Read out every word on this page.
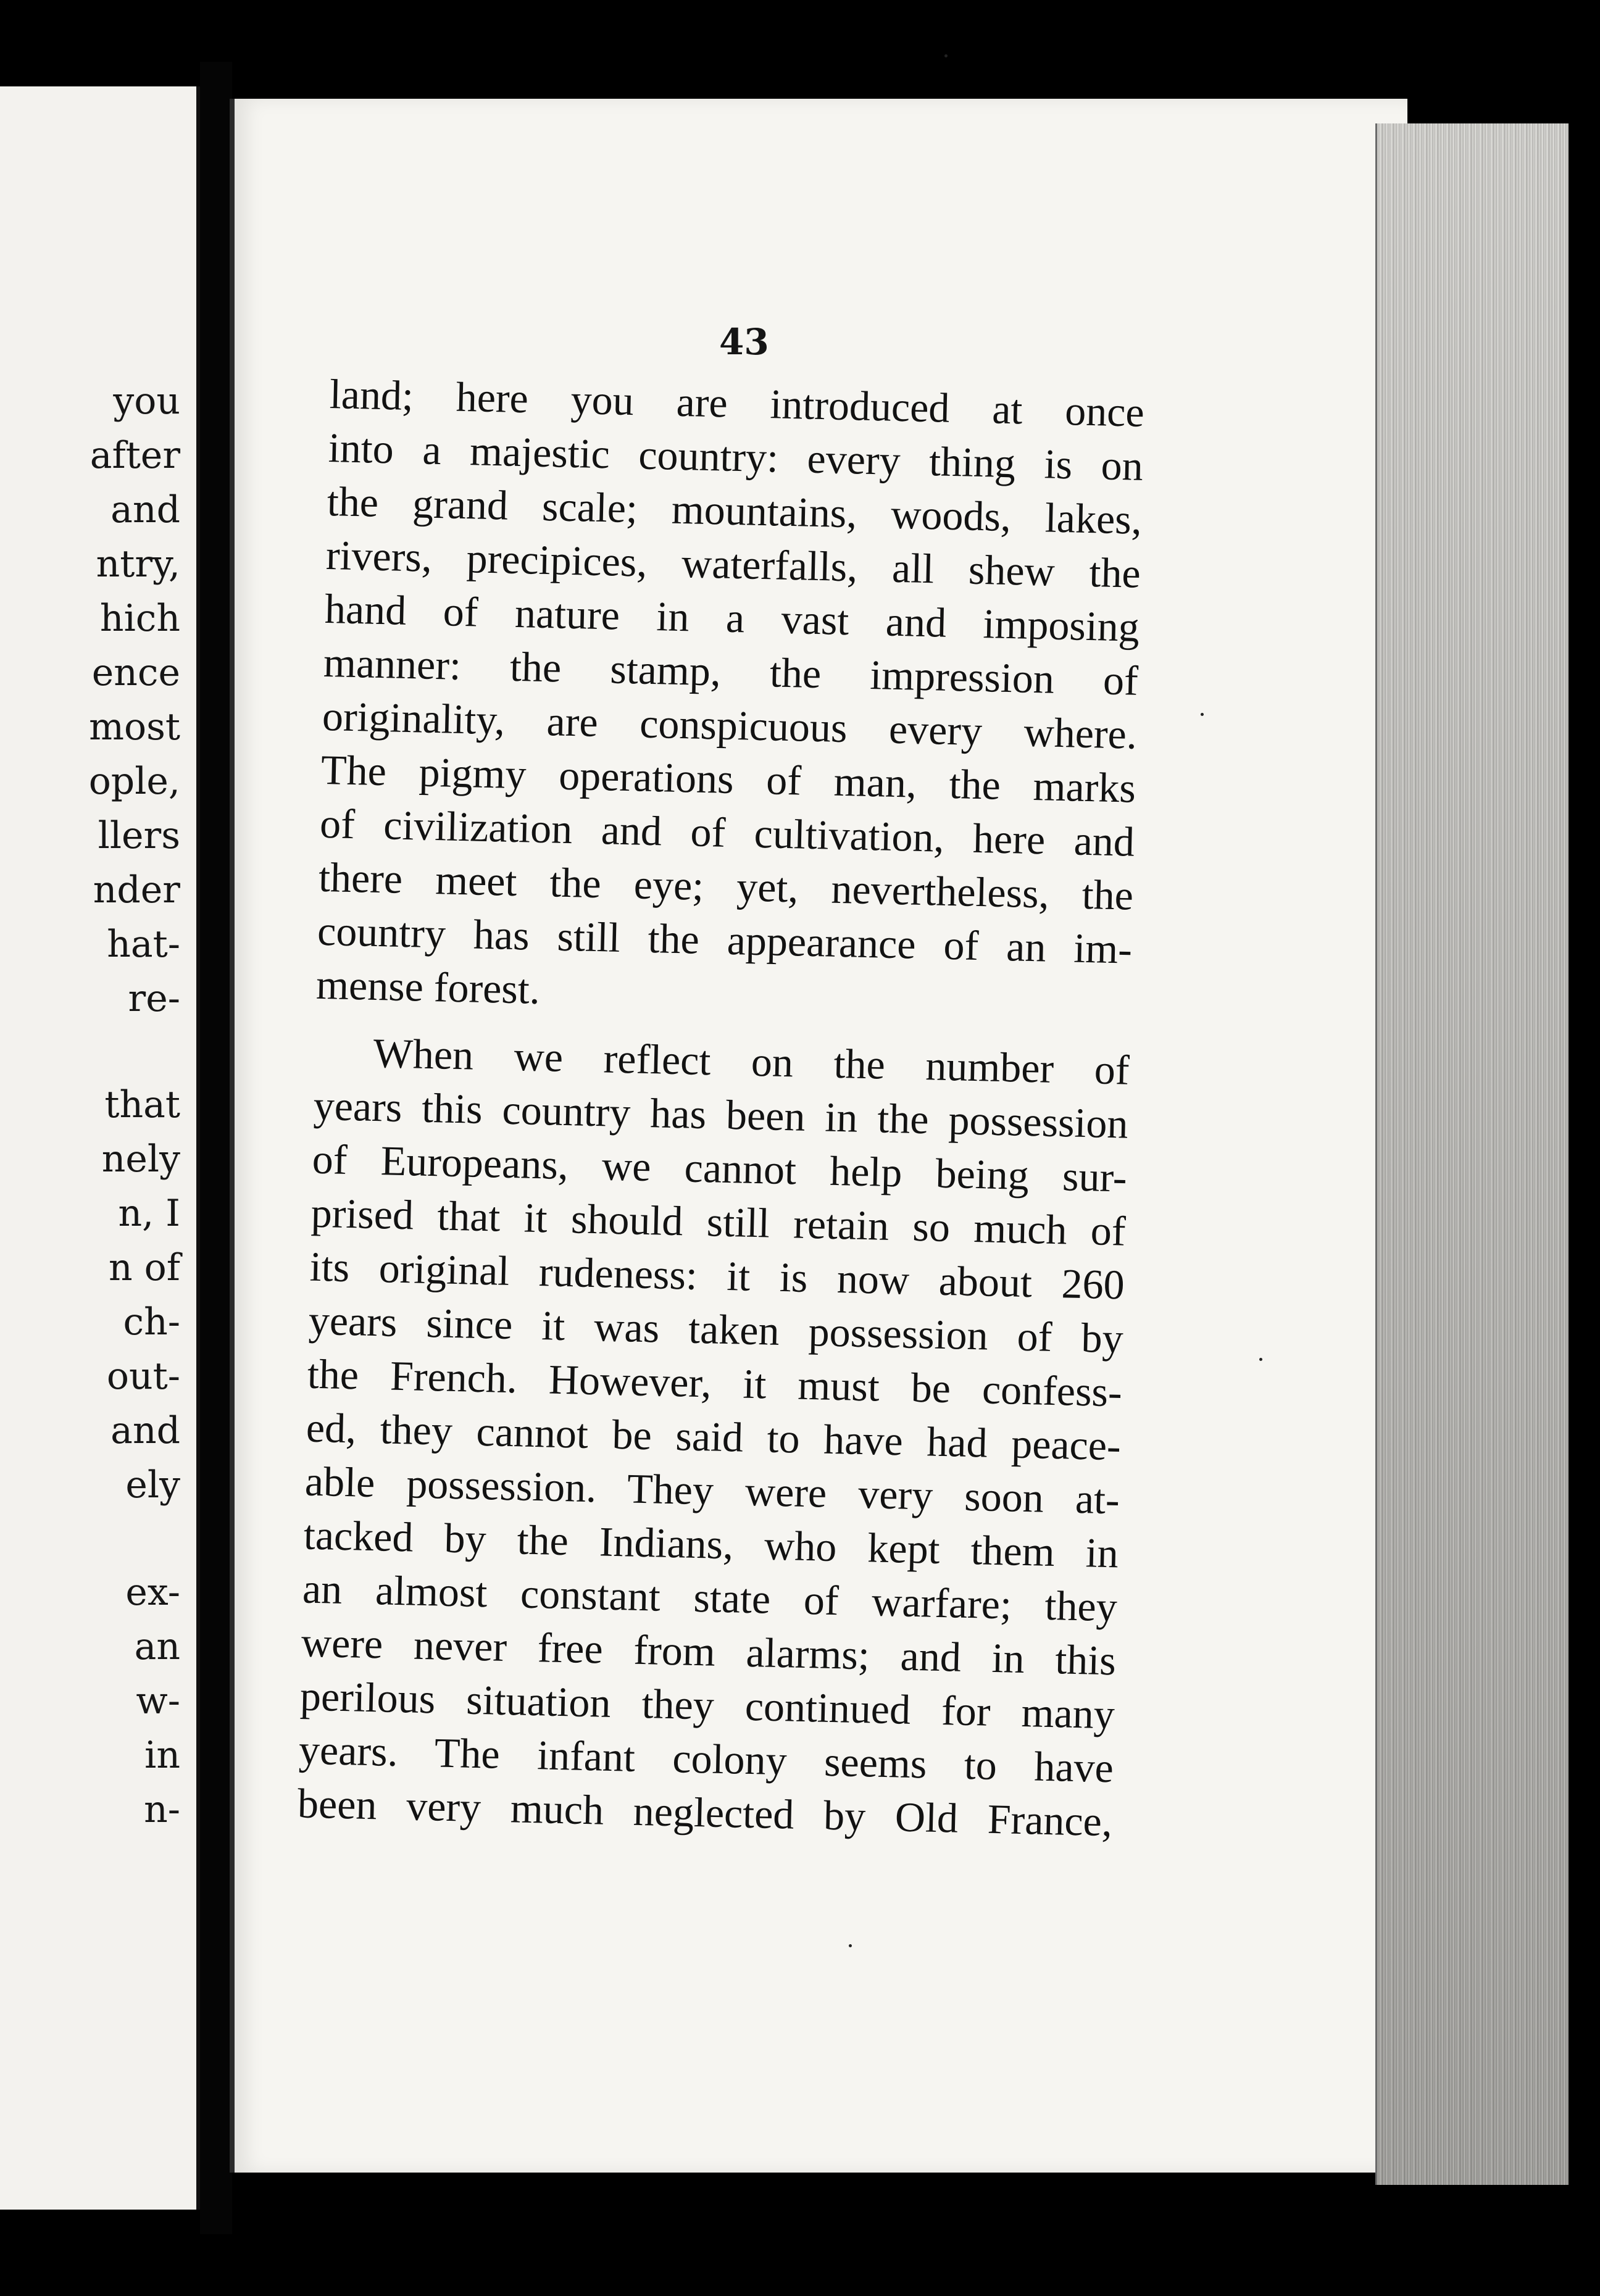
you
after
and
ntry,
hich
ence
most
ople,
llers
nder
hat-
re-
that
nely
n, I
n of
ch-
out-
and
ely
ex-
an
w-
in
n-
43
land; here you are introduced at once
into a majestic country: every thing is on
the grand scale; mountains, woods, lakes,
rivers, precipices, waterfalls, all shew the
hand of nature in a vast and imposing
manner: the stamp, the impression of
originality, are conspicuous every where.
The pigmy operations of man, the marks
of civilization and of cultivation, here and
there meet the eye; yet, nevertheless, the
country has still the appearance of an im-
mense forest.
When we reflect on the number of
years this country has been in the possession
of Europeans, we cannot help being sur-
prised that it should still retain so much of
its original rudeness: it is now about 260
years since it was taken possession of by
the French. However, it must be confess-
ed, they cannot be said to have had peace-
able possession. They were very soon at-
tacked by the Indians, who kept them in
an almost constant state of warfare; they
were never free from alarms; and in this
perilous situation they continued for many
years. The infant colony seems to have
been very much neglected by Old France,
